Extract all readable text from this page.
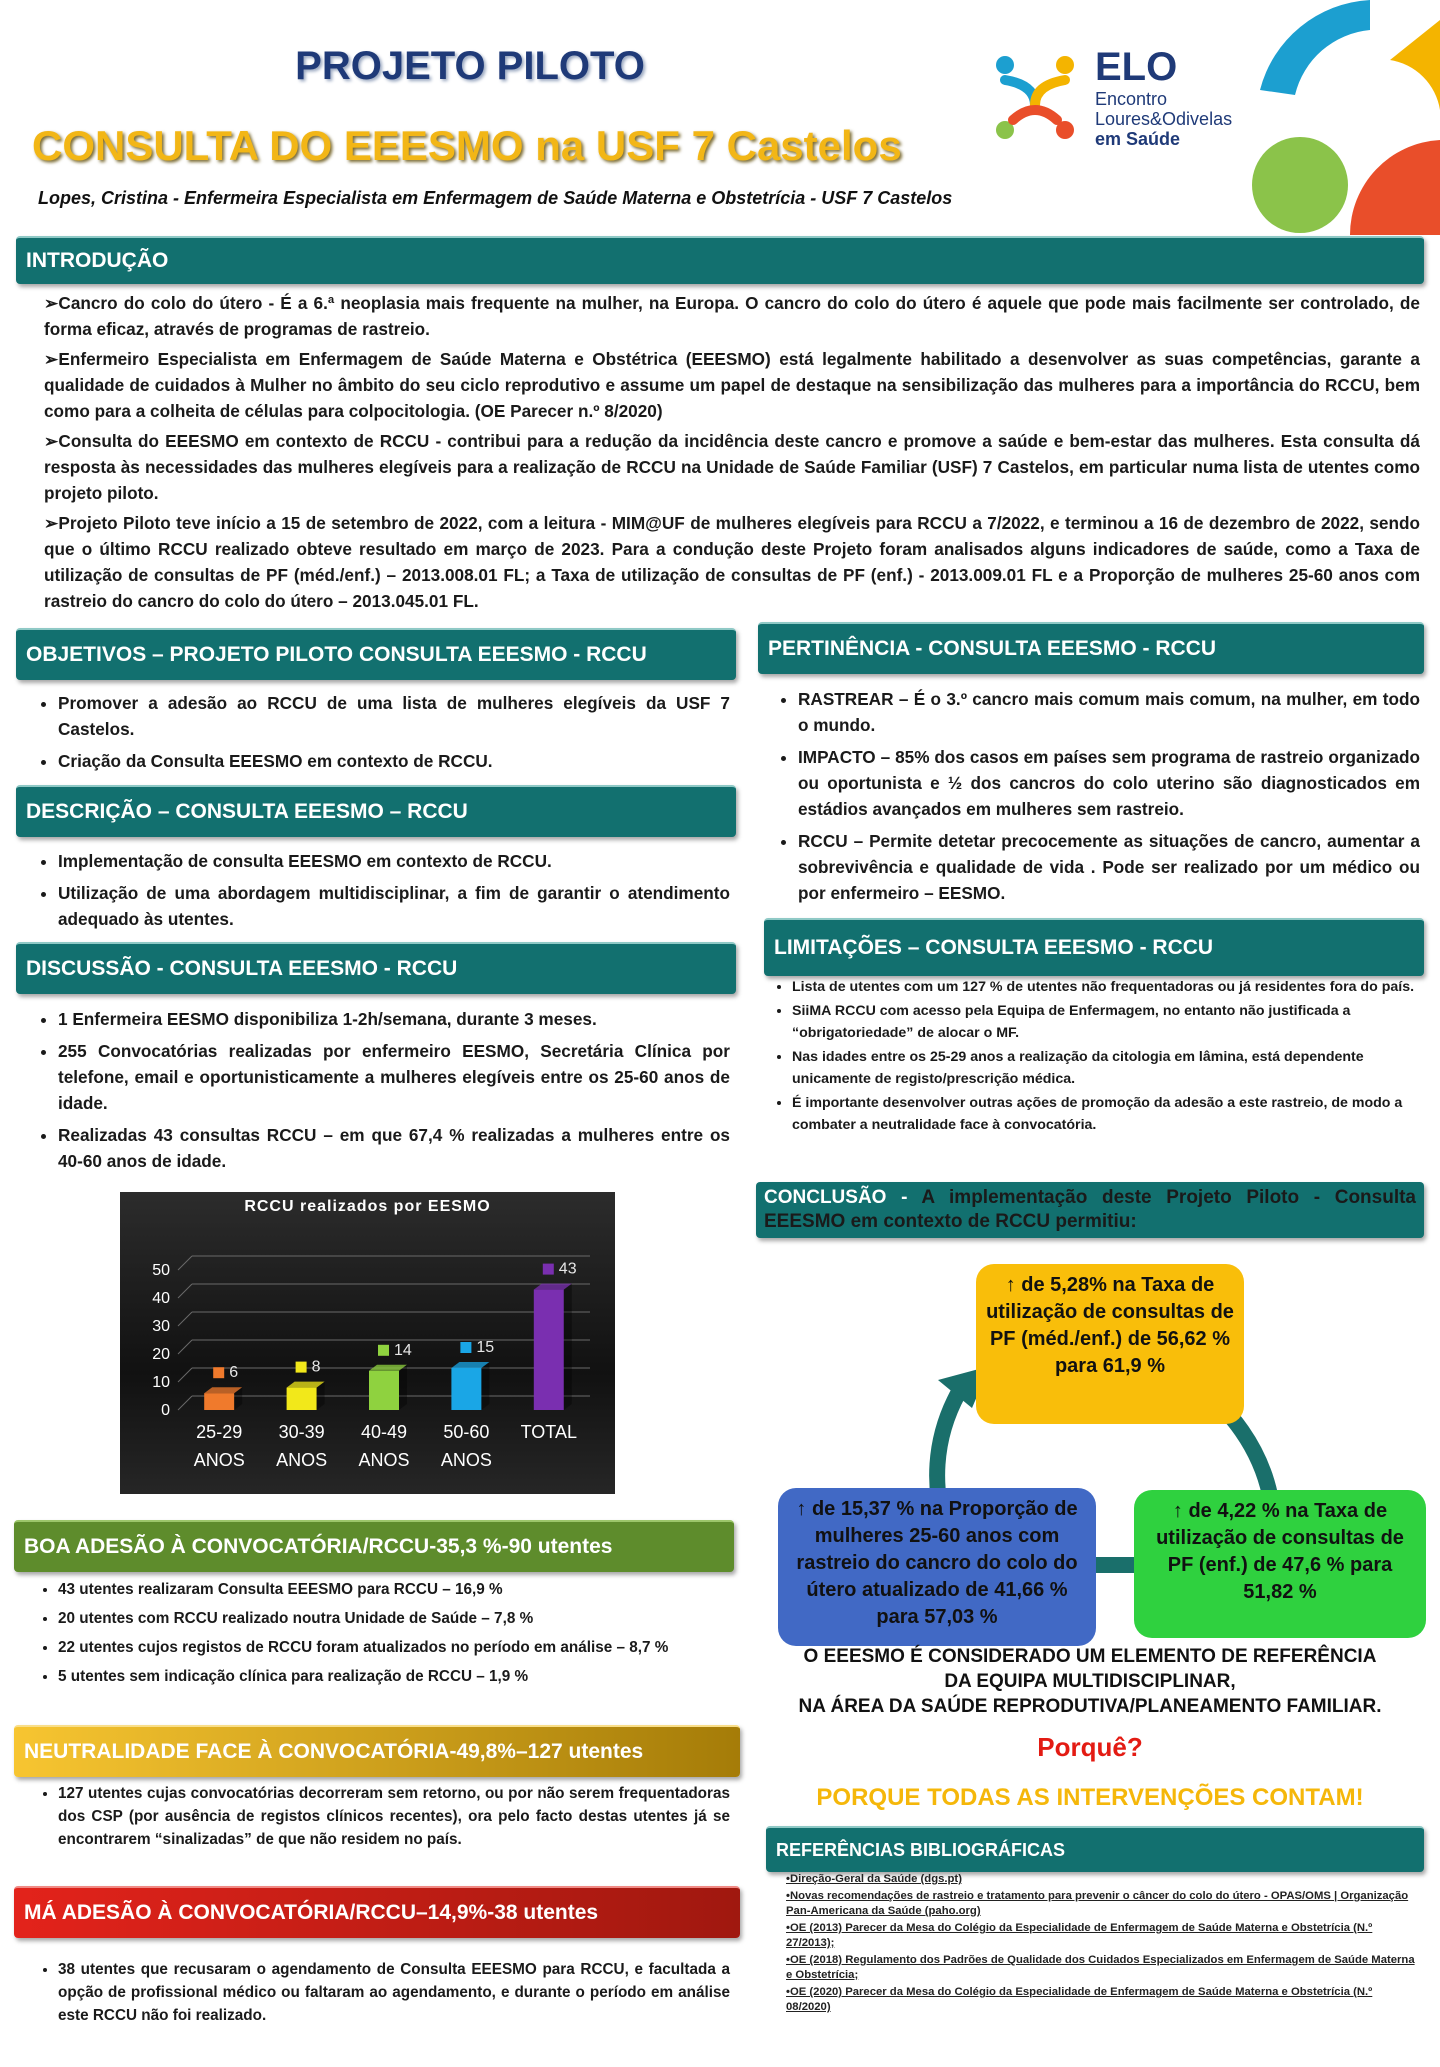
PROJETO PILOTO
CONSULTA DO EEESMO na USF 7 Castelos
Lopes, Cristina - Enfermeira Especialista em Enfermagem de Saúde Materna e Obstetrícia - USF 7 Castelos
ELO
Encontro
Loures&Odivelas
em Saúde
INTRODUÇÃO

➢Cancro do colo do útero - É a 6.ª neoplasia mais frequente na mulher, na Europa. O cancro do colo do útero é aquele que pode mais facilmente ser controlado, de forma eficaz, através de programas de rastreio.

➢Enfermeiro Especialista em Enfermagem de Saúde Materna e Obstétrica (EEESMO) está legalmente habilitado a desenvolver as suas competências, garante a qualidade de cuidados à Mulher no âmbito do seu ciclo reprodutivo e assume um papel de destaque na sensibilização das mulheres para a importância do RCCU, bem como para a colheita de células para colpocitologia. (OE Parecer n.º 8/2020)

➢Consulta do EEESMO em contexto de RCCU - contribui para a redução da incidência deste cancro e promove a saúde e bem-estar das mulheres. Esta consulta dá resposta às necessidades das mulheres elegíveis para a realização de RCCU na Unidade de Saúde Familiar (USF) 7 Castelos, em particular numa lista de utentes como projeto piloto.

➢Projeto Piloto teve início a 15 de setembro de 2022, com a leitura - MIM@UF de mulheres elegíveis para RCCU a 7/2022, e terminou a 16 de dezembro de 2022, sendo que o último RCCU realizado obteve resultado em março de 2023. Para a condução deste Projeto foram analisados alguns indicadores de saúde, como a Taxa de utilização de consultas de PF (méd./enf.) – 2013.008.01 FL; a Taxa de utilização de consultas de PF (enf.) - 2013.009.01 FL e a Proporção de mulheres 25-60 anos com rastreio do cancro do colo do útero – 2013.045.01 FL.

OBJETIVOS – PROJETO PILOTO CONSULTA EEESMO - RCCU
• Promover a adesão ao RCCU de uma lista de mulheres elegíveis da USF 7 Castelos.
• Criação da Consulta EEESMO em contexto de RCCU.
DESCRIÇÃO – CONSULTA EEESMO – RCCU
• Implementação de consulta EEESMO em contexto de RCCU.
• Utilização de uma abordagem multidisciplinar, a fim de garantir o atendimento adequado às utentes.
DISCUSSÃO - CONSULTA EEESMO - RCCU
• 1 Enfermeira EESMO disponibiliza 1-2h/semana, durante 3 meses.
• 255 Convocatórias realizadas por enfermeiro EESMO, Secretária Clínica por telefone, email e oportunisticamente a mulheres elegíveis entre os 25-60 anos de idade.
• Realizadas 43 consultas RCCU – em que 67,4 % realizadas a mulheres entre os 40-60 anos de idade.
RCCU realizados por EESMO
0
10
20
30
40
50
6
25-29
ANOS
8
30-39
ANOS
14
40-49
ANOS
15
50-60
ANOS
43
TOTAL
BOA ADESÃO À CONVOCATÓRIA/RCCU-35,3 %-90 utentes
• 43 utentes realizaram Consulta EEESMO para RCCU – 16,9 %
• 20 utentes com RCCU realizado noutra Unidade de Saúde – 7,8 %
• 22 utentes cujos registos de RCCU foram atualizados no período em análise – 8,7 %
• 5 utentes sem indicação clínica para realização de RCCU – 1,9 %
NEUTRALIDADE FACE À CONVOCATÓRIA-49,8%–127 utentes
• 127 utentes cujas convocatórias decorreram sem retorno, ou por não serem frequentadoras dos CSP (por ausência de registos clínicos recentes), ora pelo facto destas utentes já se encontrarem “sinalizadas” de que não residem no país.
MÁ ADESÃO À CONVOCATÓRIA/RCCU–14,9%-38 utentes
• 38 utentes que recusaram o agendamento de Consulta EEESMO para RCCU, e facultada a opção de profissional médico ou faltaram ao agendamento, e durante o período em análise este RCCU não foi realizado.
PERTINÊNCIA - CONSULTA EEESMO - RCCU
• RASTREAR – É o 3.º cancro mais comum mais comum, na mulher, em todo o mundo.
• IMPACTO – 85% dos casos em países sem programa de rastreio organizado ou oportunista e ½ dos cancros do colo uterino são diagnosticados em estádios avançados em mulheres sem rastreio.
• RCCU – Permite detetar precocemente as situações de cancro, aumentar a sobrevivência e qualidade de vida . Pode ser realizado por um médico ou por enfermeiro – EESMO.
LIMITAÇÕES – CONSULTA EEESMO - RCCU
• Lista de utentes com um 127 % de utentes não frequentadoras ou já residentes fora do país.
• SiiMA RCCU com acesso pela Equipa de Enfermagem, no entanto não justificada a “obrigatoriedade” de alocar o MF.
• Nas idades entre os 25-29 anos a realização da citologia em lâmina, está dependente unicamente de registo/prescrição médica.
• É importante desenvolver outras ações de promoção da adesão a este rastreio, de modo a combater a neutralidade face à convocatória.
CONCLUSÃO - A implementação deste Projeto Piloto - Consulta EEESMO em contexto de RCCU permitiu:
↑ de 5,28% na Taxa de utilização de consultas de PF (méd./enf.) de 56,62 % para 61,9 %
↑ de 15,37 % na Proporção de mulheres 25-60 anos com rastreio do cancro do colo do útero atualizado de 41,66 % para 57,03 %
↑ de 4,22 % na Taxa de utilização de consultas de PF (enf.) de 47,6 % para 51,82 %
O EEESMO É CONSIDERADO UM ELEMENTO DE REFERÊNCIA
DA EQUIPA MULTIDISCIPLINAR,
NA ÁREA DA SAÚDE REPRODUTIVA/PLANEAMENTO FAMILIAR.
Porquê?
PORQUE TODAS AS INTERVENÇÕES CONTAM!
REFERÊNCIAS BIBLIOGRÁFICAS
•Direção-Geral da Saúde (dgs.pt)
•Novas recomendações de rastreio e tratamento para prevenir o câncer do colo do útero - OPAS/OMS | Organização Pan-Americana da Saúde (paho.org)
•OE (2013) Parecer da Mesa do Colégio da Especialidade de Enfermagem de Saúde Materna e Obstetrícia (N.º 27/2013);
•OE (2018) Regulamento dos Padrões de Qualidade dos Cuidados Especializados em Enfermagem de Saúde Materna e Obstetrícia;
•OE (2020) Parecer da Mesa do Colégio da Especialidade de Enfermagem de Saúde Materna e Obstetrícia (N.º 08/2020)
